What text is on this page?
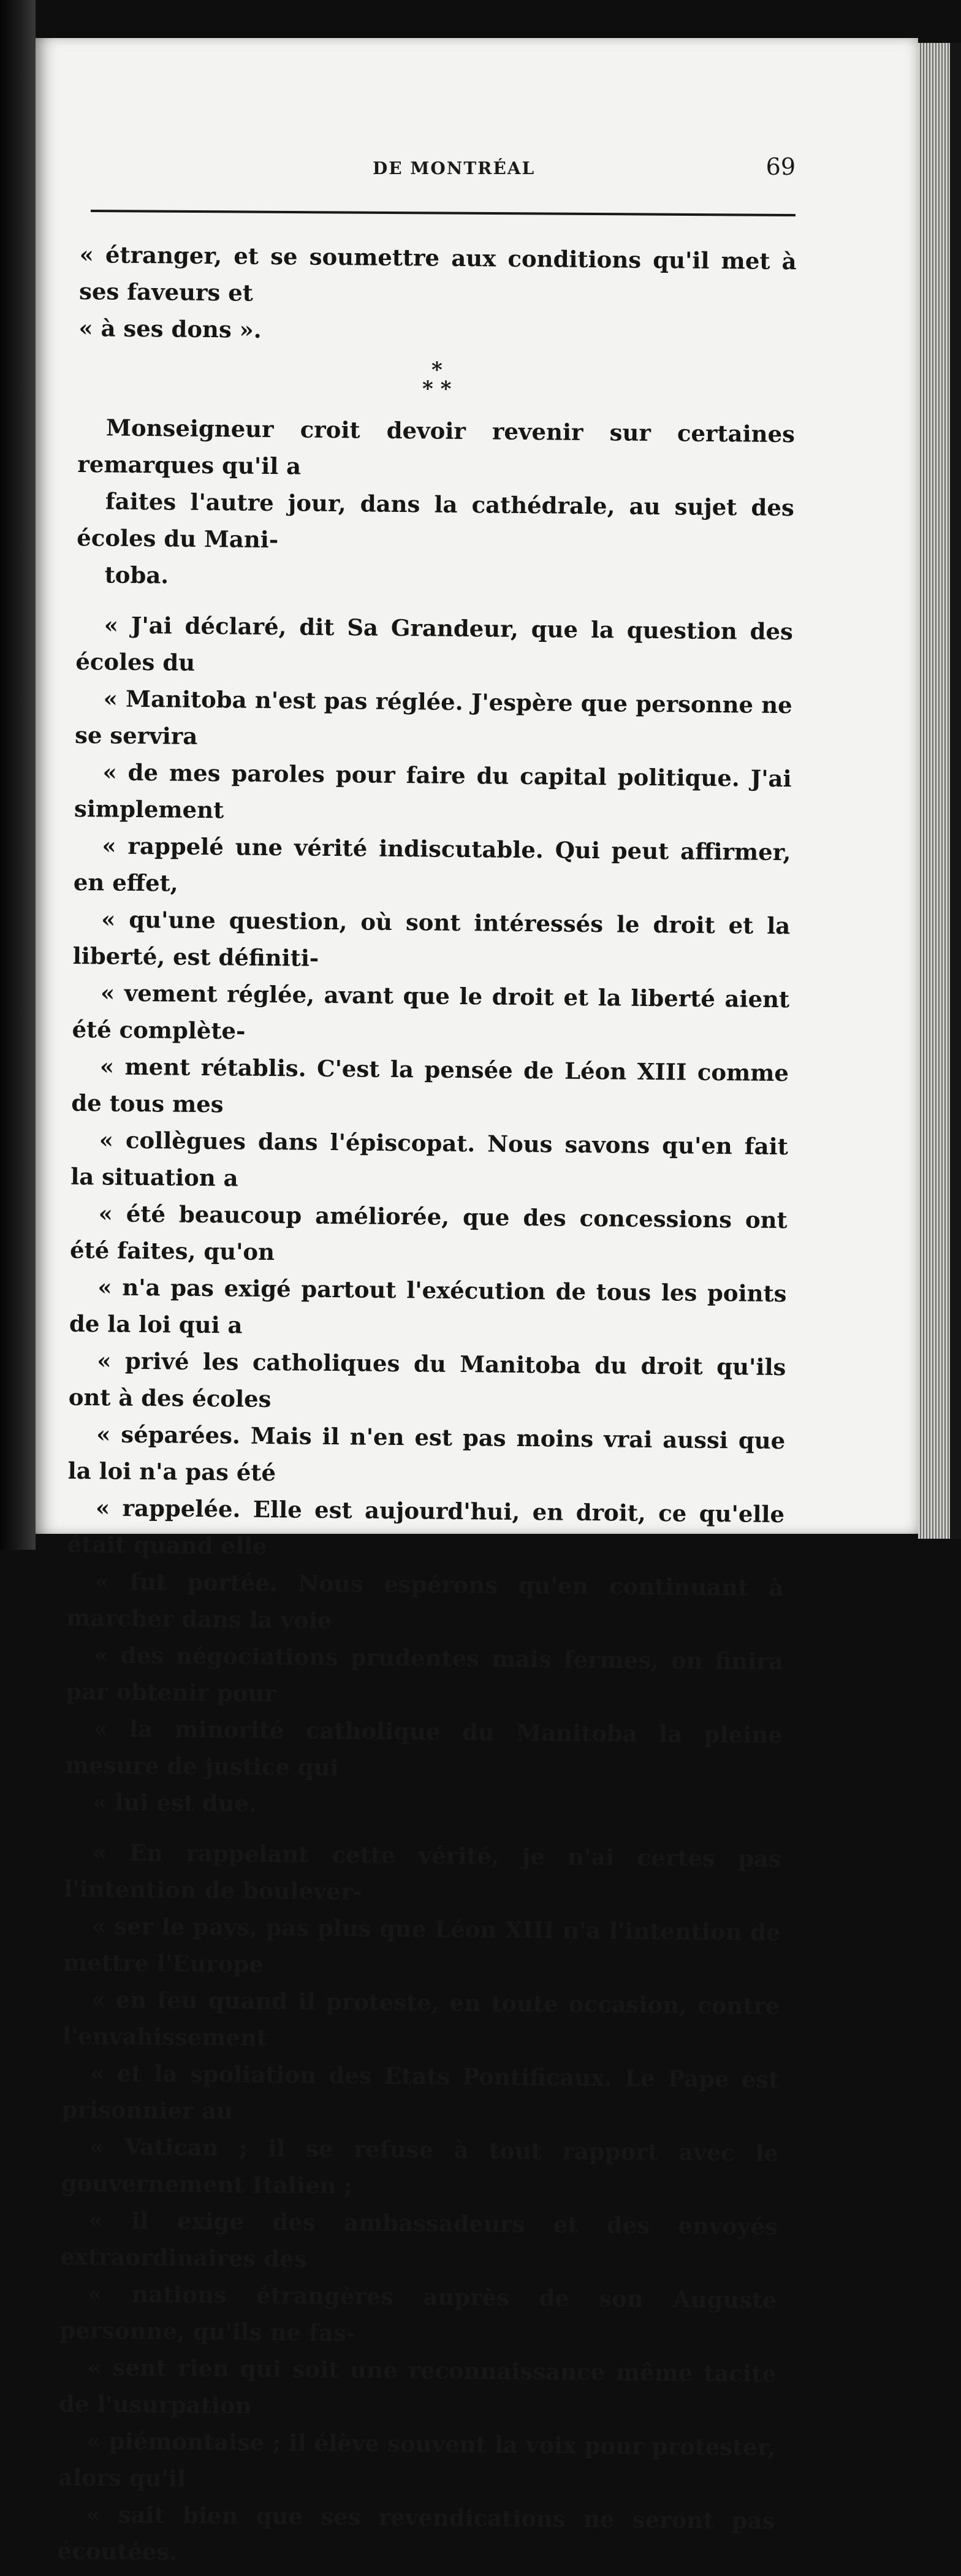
DE MONTRÉAL	69

« étranger, et se soumettre aux conditions qu'il met à ses faveurs et
« à ses dons ».

*
* *

Monseigneur croit devoir revenir sur certaines remarques qu'il a
faites l'autre jour, dans la cathédrale, au sujet des écoles du Mani-
toba.

« J'ai déclaré, dit Sa Grandeur, que la question des écoles du
« Manitoba n'est pas réglée. J'espère que personne ne se servira
« de mes paroles pour faire du capital politique. J'ai simplement
« rappelé une vérité indiscutable. Qui peut affirmer, en effet,
« qu'une question, où sont intéressés le droit et la liberté, est définiti-
« vement réglée, avant que le droit et la liberté aient été complète-
« ment rétablis. C'est la pensée de Léon XIII comme de tous mes
« collègues dans l'épiscopat. Nous savons qu'en fait la situation a
« été beaucoup améliorée, que des concessions ont été faites, qu'on
« n'a pas exigé partout l'exécution de tous les points de la loi qui a
« privé les catholiques du Manitoba du droit qu'ils ont à des écoles
« séparées. Mais il n'en est pas moins vrai aussi que la loi n'a pas été
« rappelée. Elle est aujourd'hui, en droit, ce qu'elle était quand elle
« fut portée. Nous espérons qu'en continuant à marcher dans la voie
« des négociations prudentes mais fermes, on finira par obtenir pour
« la minorité catholique du Manitoba la pleine mesure de justice qui
« lui est due.

« En rappelant cette vérité, je n'ai certes pas l'intention de boulever-
« ser le pays, pas plus que Léon XIII n'a l'intention de mettre l'Europe
« en feu quand il proteste, en toute occasion, contre l'envahissement
« et la spoliation des Etats Pontificaux. Le Pape est prisonnier au
« Vatican ; il se refuse à tout rapport avec le gouvernement Italien ;
« il exige des ambassadeurs et des envoyés extraordinaires des
« nations étrangères auprès de son Auguste personne, qu'ils ne fas-
« sent rien qui soit une reconnaissance même tacite de l'usurpation
« piémontaise ; il élève souvent la voix pour protester, alors qu'il
« sait bien que ses revendications ne seront pas écoutées.
